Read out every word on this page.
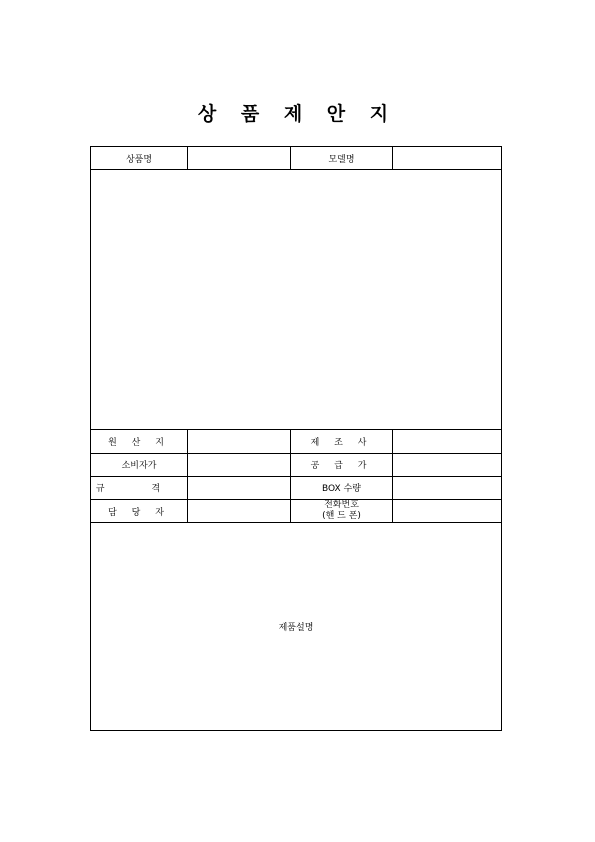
상 품 제 안 지
상품명		모델명	

원 산 지		제 조 사	
소비자가		공 급 가	
규 격		BOX 수량	
담 당 자		전화번호
(핸 드 폰)	

제품설명			
